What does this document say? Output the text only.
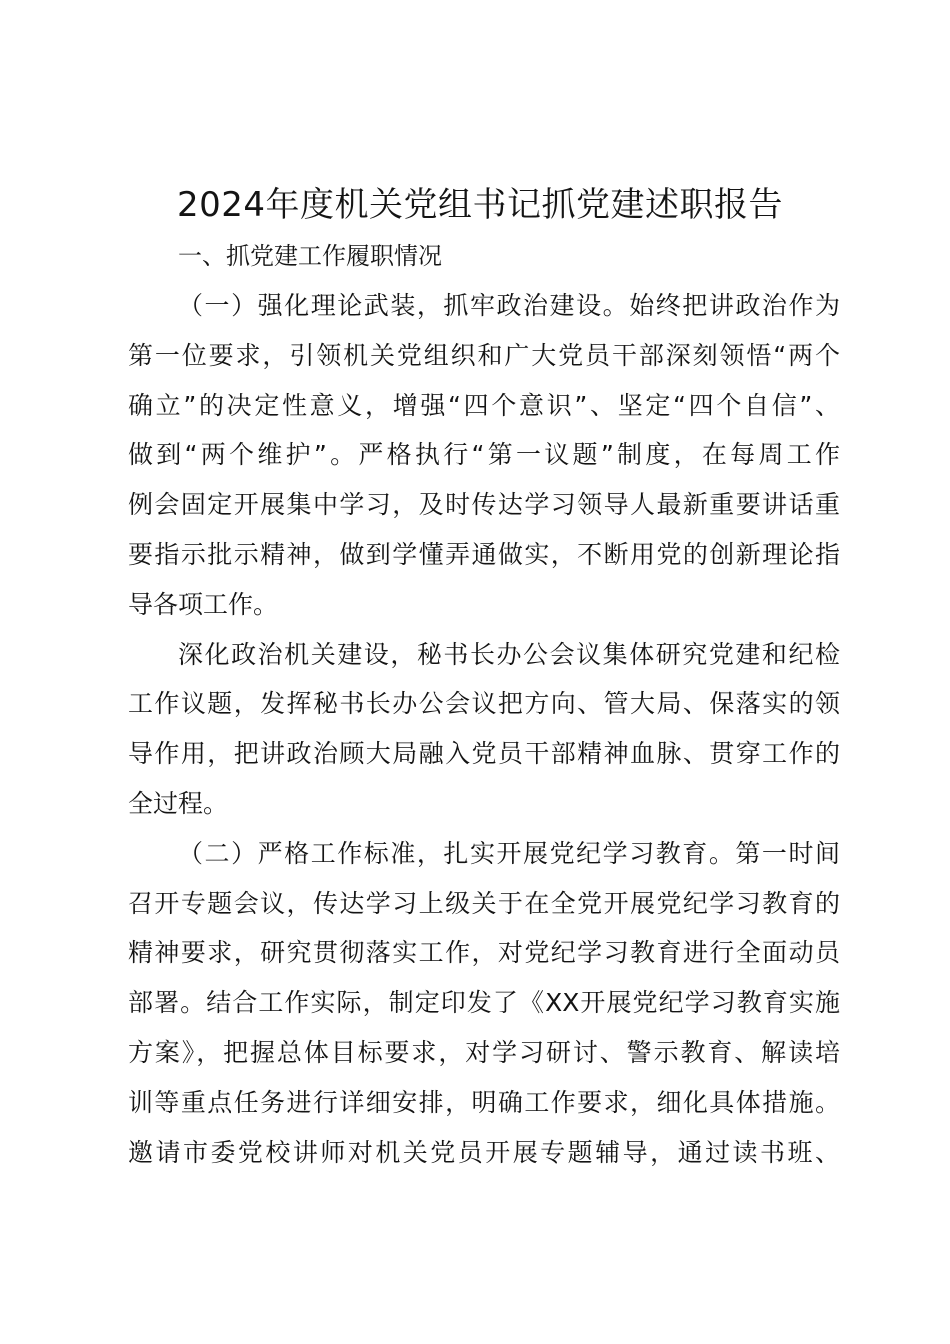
2024年度机关党组书记抓党建述职报告
一、抓党建工作履职情况
（一）强化理论武装，抓牢政治建设。始终把讲政治作为
第一位要求，引领机关党组织和广大党员干部深刻领悟“两个
确立”的决定性意义，增强“四个意识”、坚定“四个自信”、
做到“两个维护”。严格执行“第一议题”制度，在每周工作
例会固定开展集中学习，及时传达学习领导人最新重要讲话重
要指示批示精神，做到学懂弄通做实，不断用党的创新理论指
导各项工作。
深化政治机关建设，秘书长办公会议集体研究党建和纪检
工作议题，发挥秘书长办公会议把方向、管大局、保落实的领
导作用，把讲政治顾大局融入党员干部精神血脉、贯穿工作的
全过程。
（二）严格工作标准，扎实开展党纪学习教育。第一时间
召开专题会议，传达学习上级关于在全党开展党纪学习教育的
精神要求，研究贯彻落实工作，对党纪学习教育进行全面动员
部署。结合工作实际，制定印发了《XX开展党纪学习教育实施
方案》，把握总体目标要求，对学习研讨、警示教育、解读培
训等重点任务进行详细安排，明确工作要求，细化具体措施。
邀请市委党校讲师对机关党员开展专题辅导，通过读书班、
